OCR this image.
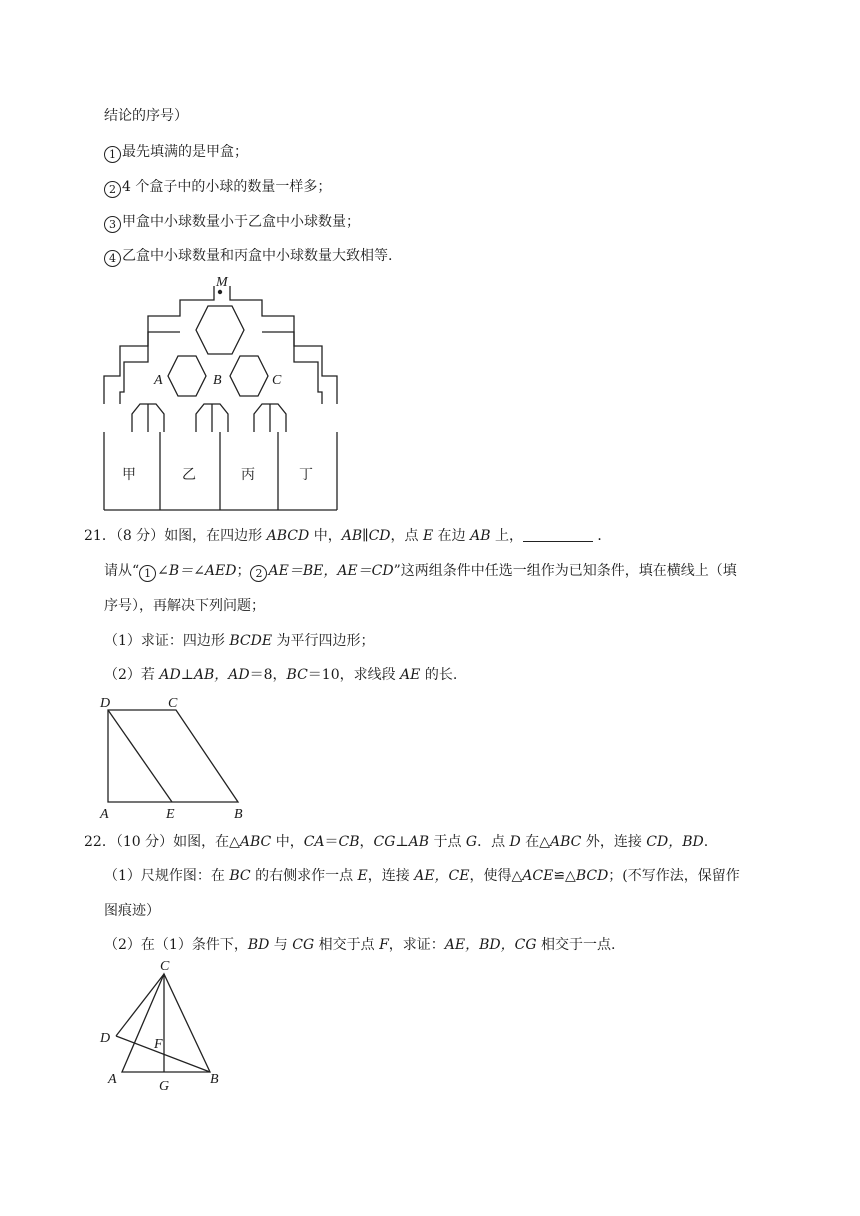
结论的序号）
1 最先填满的是甲盒；
2 4 个盒子中的小球的数量一样多；
3 甲盒中小球数量小于乙盒中小球数量；
4 乙盒中小球数量和丙盒中小球数量大致相等.
M
A	B	C
甲	乙	丙	丁
21．（8 分）如图，在四边形 ABCD 中，AB∥CD，点 E 在边 AB 上，	．
请从“ 1 ∠B＝∠AED； 2 AE＝BE，AE＝CD”这两组条件中任选一组作为已知条件，填在横线上（填
序号），再解决下列问题；
（1）求证：四边形 BCDE 为平行四边形；
（2）若 AD⊥AB，AD＝8，BC＝10，求线段 AE 的长.
D	C
A	E	B
22．（10 分）如图，在△ABC 中，CA＝CB，CG⊥AB 于点 G．点 D 在△ABC 外，连接 CD，BD.
（1）尺规作图：在 BC 的右侧求作一点 E，连接 AE，CE，使得△ACE≌△BCD；(不写作法，保留作
图痕迹）
（2）在（1）条件下，BD 与 CG 相交于点 F，求证：AE，BD，CG 相交于一点.
C
D	F
A	G	B
